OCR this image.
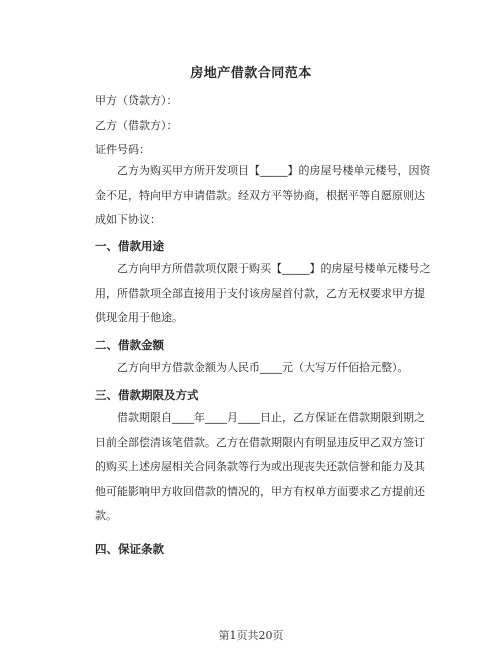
房地产借款合同范本
甲方（贷款方）：
乙方（借款方）：
证件号码：
乙方为购买甲方所开发项目【_____】的房屋号楼单元楼号，因资
金不足，特向甲方申请借款。经双方平等协商，根据平等自愿原则达
成如下协议：
一、借款用途
乙方向甲方所借款项仅限于购买【_____】的房屋号楼单元楼号之
用，所借款项全部直接用于支付该房屋首付款，乙方无权要求甲方提
供现金用于他途。
二、借款金额
乙方向甲方借款金额为人民币____元（大写万仟佰拾元整）。
三、借款期限及方式
借款期限自____年____月____日止，乙方保证在借款期限到期之
日前全部偿清该笔借款。乙方在借款期限内有明显违反甲乙双方签订
的购买上述房屋相关合同条款等行为或出现丧失还款信誉和能力及其
他可能影响甲方收回借款的情况的，甲方有权单方面要求乙方提前还
款。
四、保证条款
第1页共20页
